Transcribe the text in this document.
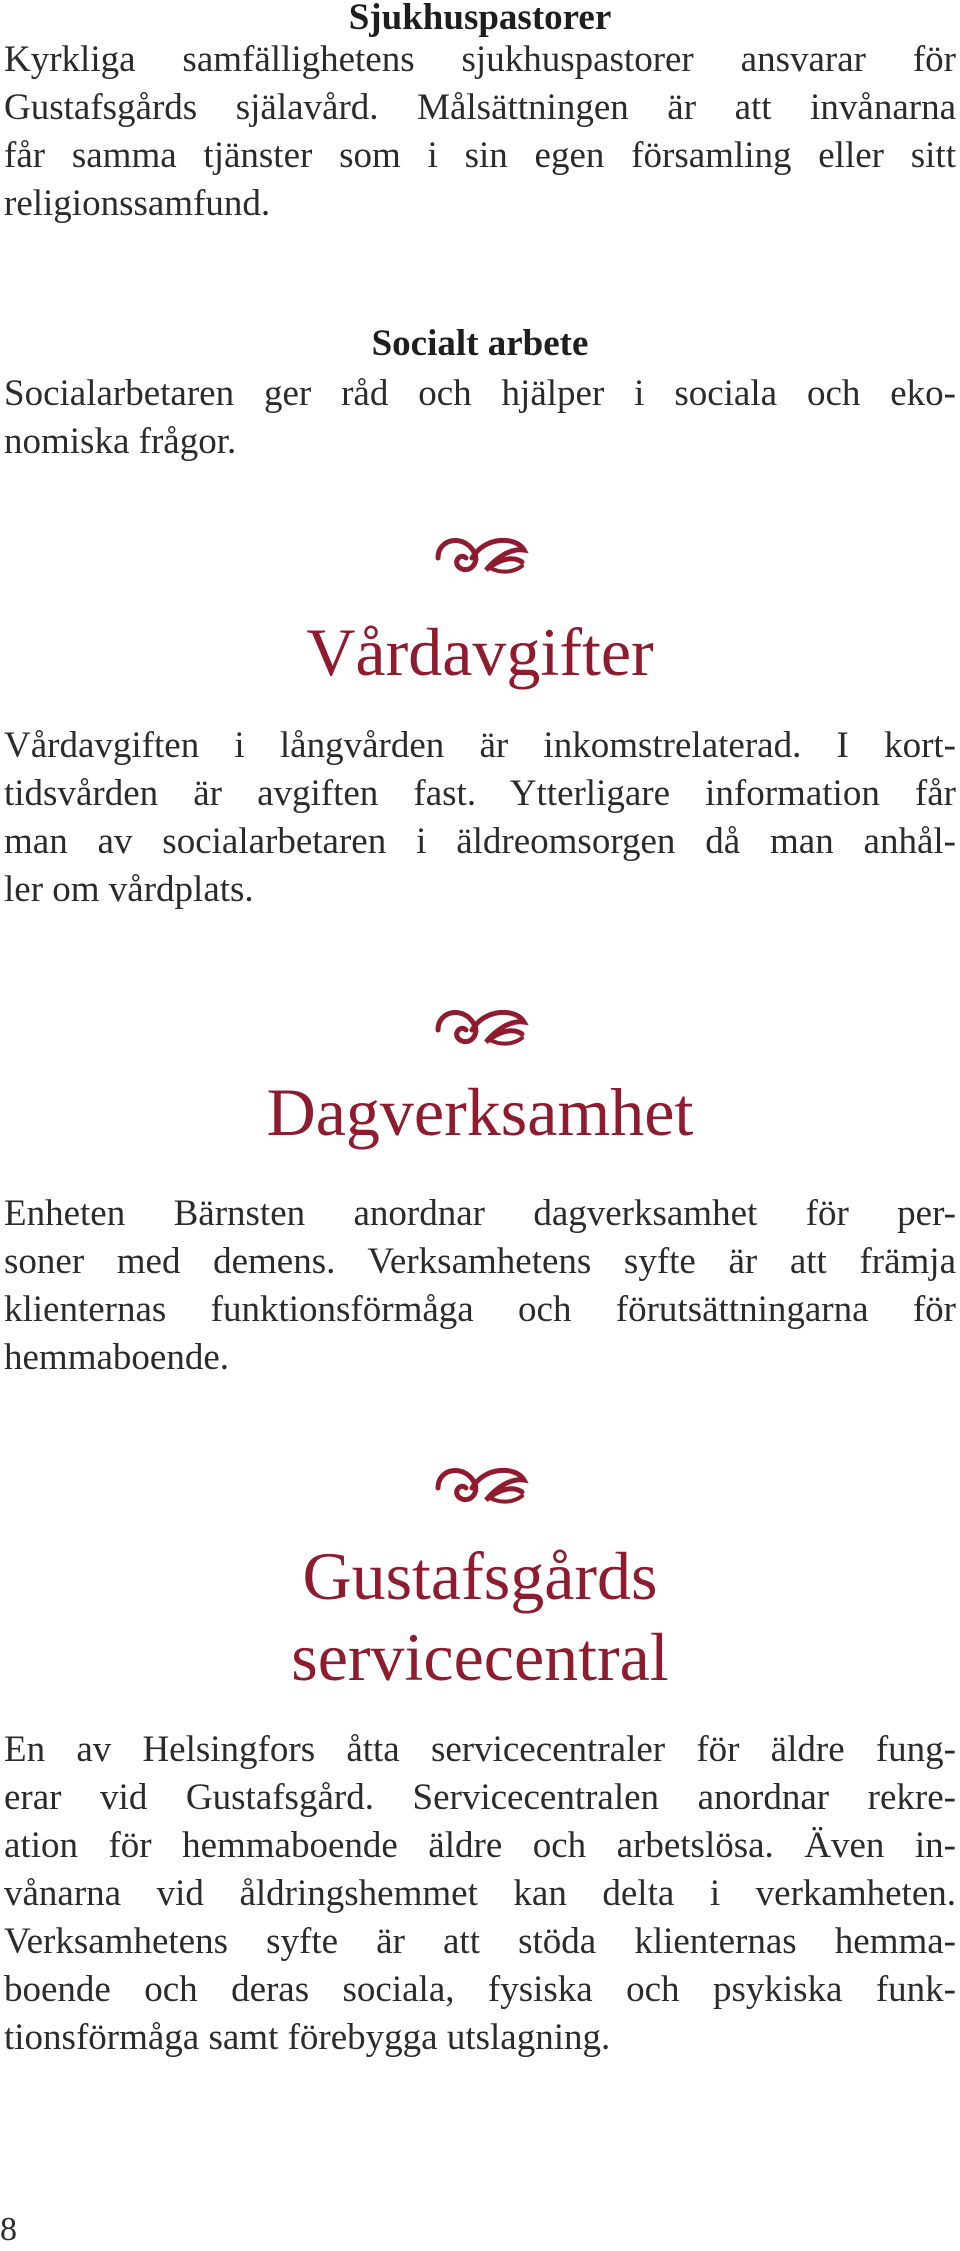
Sjukhuspastorer

Kyrkliga samfällighetens sjukhuspastorer ansvarar för
Gustafsgårds själavård. Målsättningen är att invånarna
får samma tjänster som i sin egen församling eller sitt
religionssamfund.

Socialt arbete

Socialarbetaren ger råd och hjälper i sociala och eko-
nomiska frågor.

Vårdavgifter

Vårdavgiften i långvården är inkomstrelaterad. I kort-
tidsvården är avgiften fast. Ytterligare information får
man av socialarbetaren i äldreomsorgen då man anhål-
ler om vårdplats.

Dagverksamhet

Enheten Bärnsten anordnar dagverksamhet för per-
soner med demens. Verksamhetens syfte är att främja
klienternas funktionsförmåga och förutsättningarna för
hemmaboende.

Gustafsgårds
servicecentral

En av Helsingfors åtta servicecentraler för äldre fung-
erar vid Gustafsgård. Servicecentralen anordnar rekre-
ation för hemmaboende äldre och arbetslösa. Även in-
vånarna vid åldringshemmet kan delta i verkamheten.
Verksamhetens syfte är att stöda klienternas hemma-
boende och deras sociala, fysiska och psykiska funk-
tionsförmåga samt förebygga utslagning.

8
